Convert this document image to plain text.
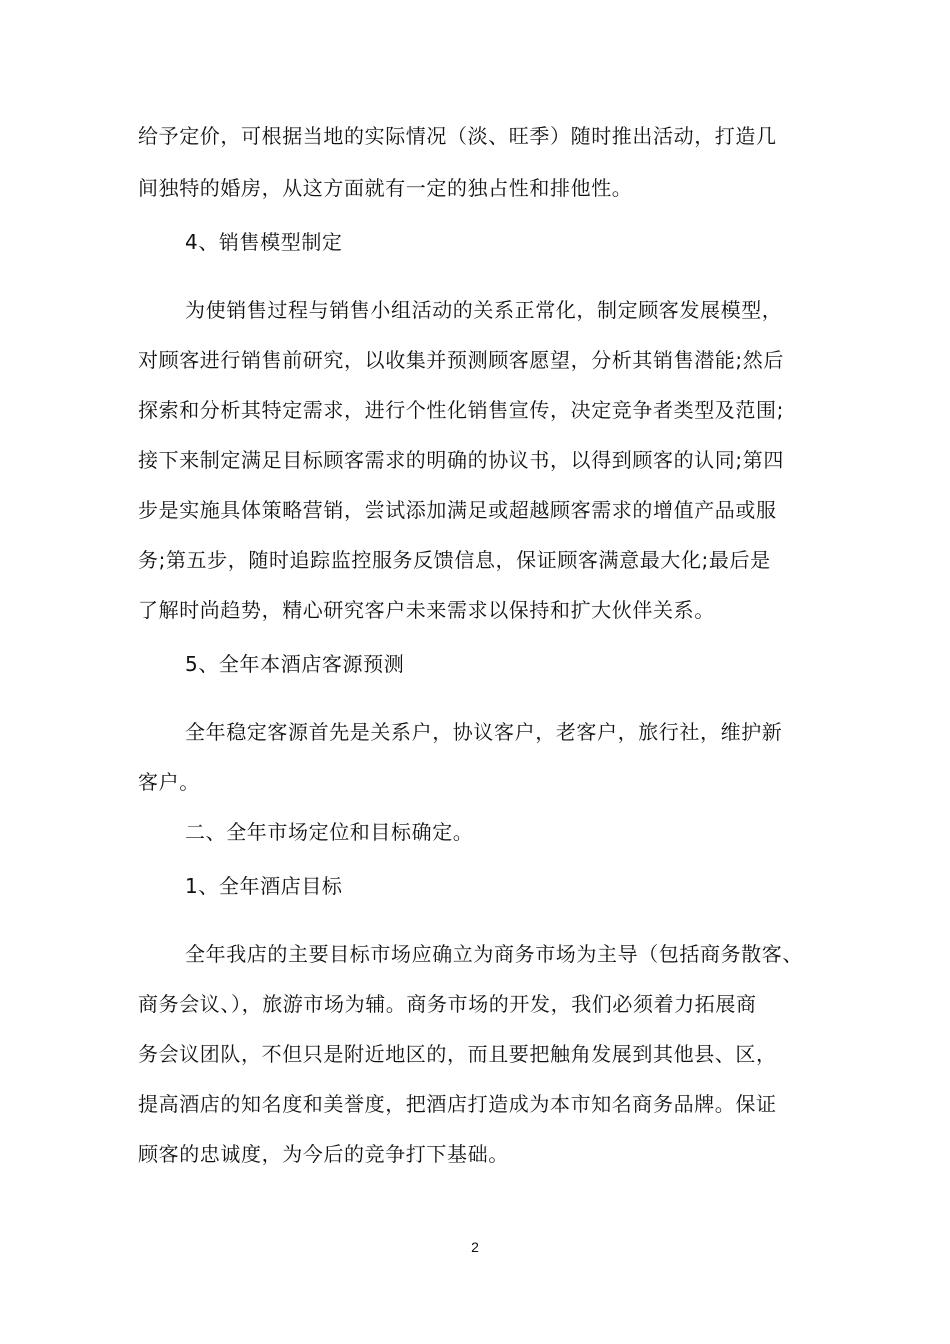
给予定价，可根据当地的实际情况（淡、旺季）随时推出活动，打造几
间独特的婚房，从这方面就有一定的独占性和排他性。
4、销售模型制定
为使销售过程与销售小组活动的关系正常化，制定顾客发展模型，
对顾客进行销售前研究，以收集并预测顾客愿望，分析其销售潜能;然后
探索和分析其特定需求，进行个性化销售宣传，决定竞争者类型及范围;
接下来制定满足目标顾客需求的明确的协议书，以得到顾客的认同;第四
步是实施具体策略营销，尝试添加满足或超越顾客需求的增值产品或服
务;第五步，随时追踪监控服务反馈信息，保证顾客满意最大化;最后是
了解时尚趋势，精心研究客户未来需求以保持和扩大伙伴关系。
5、全年本酒店客源预测
全年稳定客源首先是关系户，协议客户，老客户，旅行社，维护新
客户。
二、全年市场定位和目标确定。
1、全年酒店目标
全年我店的主要目标市场应确立为商务市场为主导（包括商务散客、
商务会议、），旅游市场为辅。商务市场的开发，我们必须着力拓展商
务会议团队，不但只是附近地区的，而且要把触角发展到其他县、区，
提高酒店的知名度和美誉度，把酒店打造成为本市知名商务品牌。保证
顾客的忠诚度，为今后的竞争打下基础。
2
